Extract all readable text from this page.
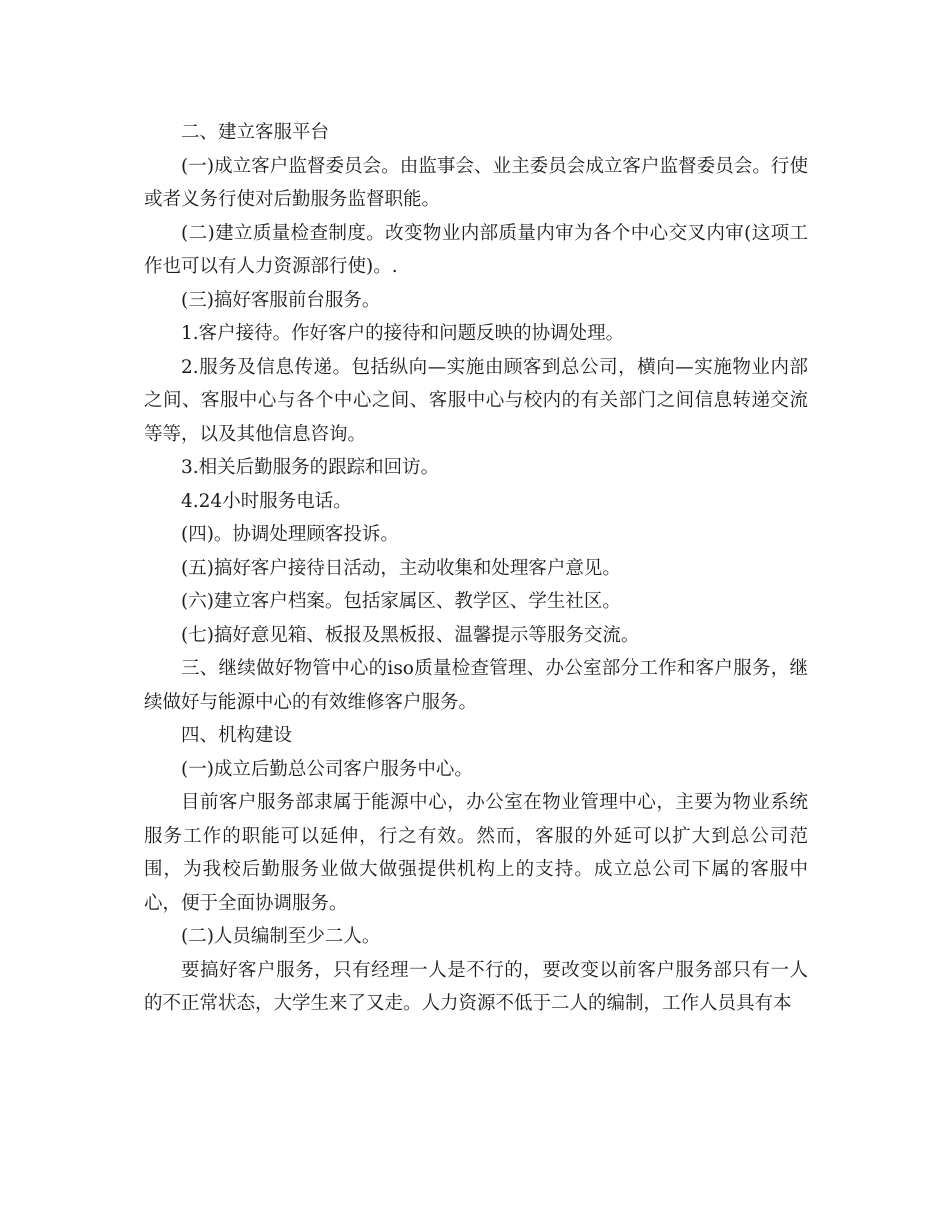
二、建立客服平台

(一)成立客户监督委员会。由监事会、业主委员会成立客户监督委员会。行使或者义务行使对后勤服务监督职能。

(二)建立质量检查制度。改变物业内部质量内审为各个中心交叉内审(这项工作也可以有人力资源部行使)。.

(三)搞好客服前台服务。

1.客户接待。作好客户的接待和问题反映的协调处理。

2.服务及信息传递。包括纵向—实施由顾客到总公司，横向—实施物业内部之间、客服中心与各个中心之间、客服中心与校内的有关部门之间信息转递交流等等，以及其他信息咨询。

3.相关后勤服务的跟踪和回访。

4.24小时服务电话。

(四)。协调处理顾客投诉。

(五)搞好客户接待日活动，主动收集和处理客户意见。

(六)建立客户档案。包括家属区、教学区、学生社区。

(七)搞好意见箱、板报及黑板报、温馨提示等服务交流。

三、继续做好物管中心的iso质量检查管理、办公室部分工作和客户服务，继续做好与能源中心的有效维修客户服务。

四、机构建设

(一)成立后勤总公司客户服务中心。

目前客户服务部隶属于能源中心，办公室在物业管理中心，主要为物业系统服务工作的职能可以延伸，行之有效。然而，客服的外延可以扩大到总公司范围，为我校后勤服务业做大做强提供机构上的支持。成立总公司下属的客服中心，便于全面协调服务。

(二)人员编制至少二人。

要搞好客户服务，只有经理一人是不行的，要改变以前客户服务部只有一人的不正常状态，大学生来了又走。人力资源不低于二人的编制，工作人员具有本
